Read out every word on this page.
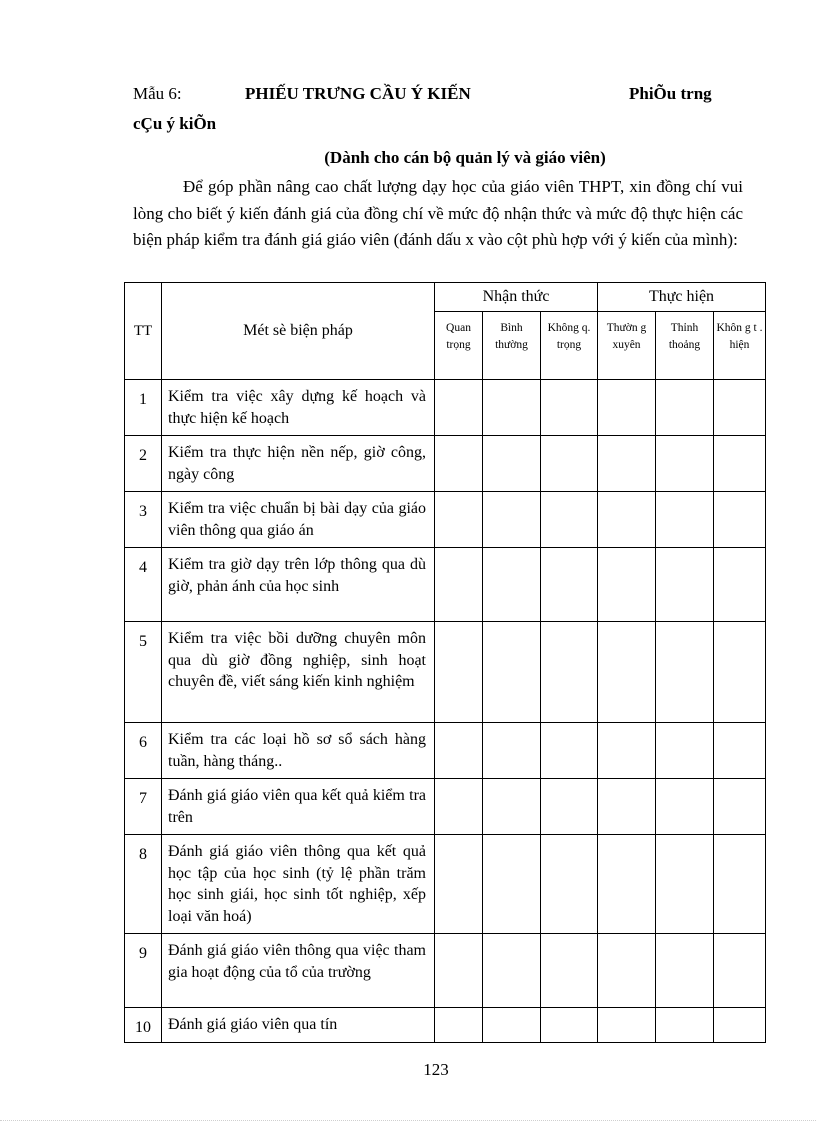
Mẫu 6:	PHIẾU TRƯNG CẦU Ý KIẾN	PhiÕu trng
cÇu ý kiÕn
(Dành cho cán bộ quản lý và giáo viên)

Để góp phần nâng cao chất lượng dạy học của giáo viên THPT, xin đồng chí vui lòng cho biết ý kiến đánh giá của đồng chí về mức độ nhận thức và mức độ thực hiện các biện pháp kiểm tra đánh giá giáo viên (đánh dấu x vào cột phù hợp với ý kiến của mình):

TT	Mét sè biện pháp	Nhận thức			Thực hiện		
		Quan trọng	Bình thường	Không q. trọng	Thườn g xuyên	Thỉnh thoảng	Khôn g t . hiện
1	Kiểm tra việc xây dựng kế hoạch và thực hiện kế hoạch						
2	Kiểm tra thực hiện nền nếp, giờ công, ngày công						
3	Kiểm tra việc chuẩn bị bài dạy của giáo viên thông qua giáo án						
4	Kiểm tra giờ dạy trên lớp thông qua dù giờ, phản ánh của học sinh						
5	Kiểm tra việc bồi dưỡng chuyên môn qua dù giờ đồng nghiệp, sinh hoạt chuyên đề, viết sáng kiến kinh nghiệm						
6	Kiểm tra các loại hồ sơ sổ sách hàng tuần, hàng tháng..						
7	Đánh giá giáo viên qua kết quả kiểm tra trên						
8	Đánh giá giáo viên thông qua kết quả học tập của học sinh (tỷ lệ phần trăm học sinh giái, học sinh tốt nghiệp, xếp loại văn hoá)						
9	Đánh giá giáo viên thông qua việc tham gia hoạt động của tổ của trường						
10	Đánh giá giáo viên qua tín						
123
